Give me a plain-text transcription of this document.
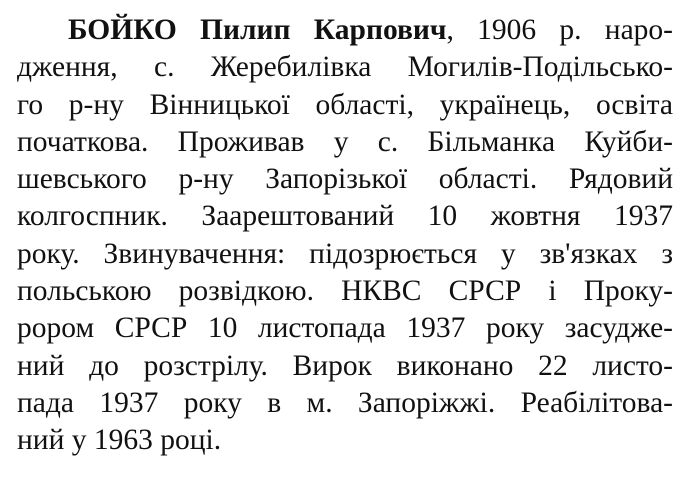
БОЙКО Пилип Карпович, 1906 р. наро-
дження, с. Жеребилівка Могилів-Подільсько-
го р-ну Вінницької області, українець, освіта
початкова. Проживав у с. Більманка Куйби-
шевського р-ну Запорізької області. Рядовий
колгоспник. Заарештований 10 жовтня 1937
року. Звинувачення: підозрюється у зв'язках з
польською розвідкою. НКВС СРСР і Проку-
рором СРСР 10 листопада 1937 року засудже-
ний до розстрілу. Вирок виконано 22 листо-
пада 1937 року в м. Запоріжжі. Реабілітова-
ний у 1963 році.
